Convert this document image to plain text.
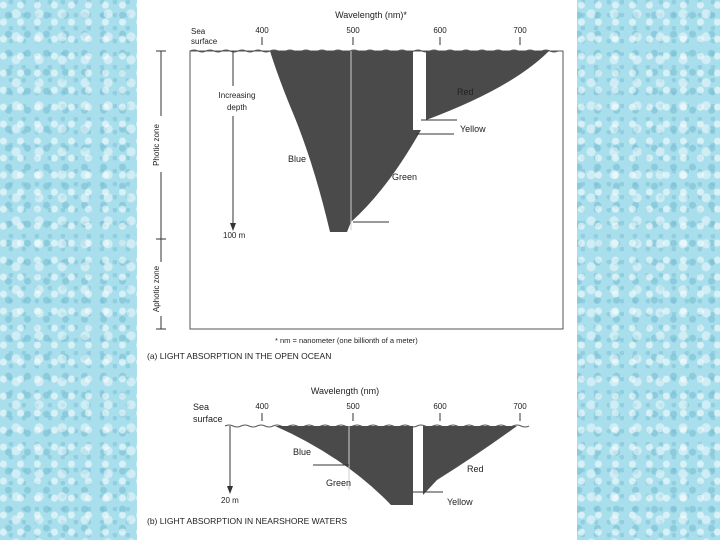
Wavelength (nm)*
Sea
surface
400	500	600	700
Red
Yellow
Blue
Green
Increasing
depth
100 m
Photic zone
Aphotic zone
* nm = nanometer (one billionth of a meter)
(a) LIGHT ABSORPTION IN THE OPEN OCEAN
Wavelength (nm)
Sea
surface
400	500	600	700
Red
Yellow
Blue
Green
20 m
(b) LIGHT ABSORPTION IN NEARSHORE WATERS
